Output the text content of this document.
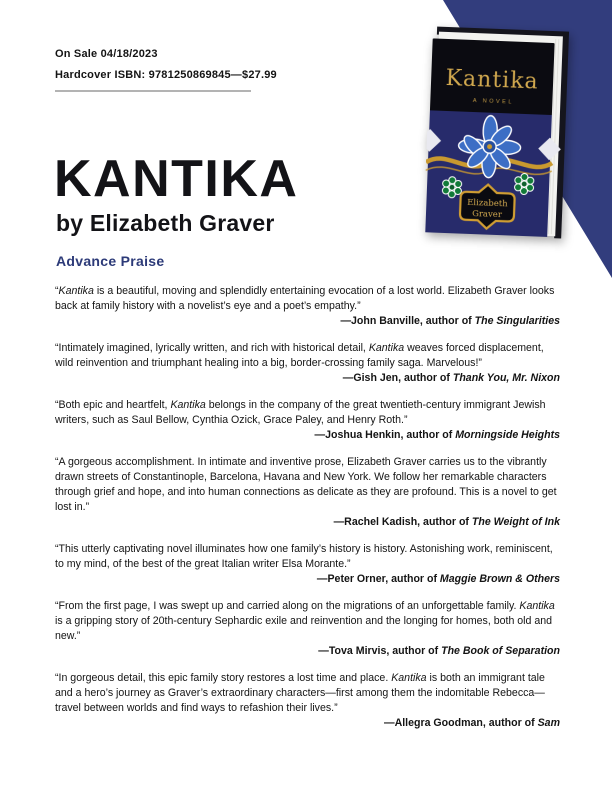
Kantika
A NOVEL
Elizabeth
Graver

On Sale 04/18/2023

Hardcover ISBN: 9781250869845—$27.99

KANTIKA
by Elizabeth Graver
Advance Praise

“Kantika is a beautiful, moving and splendidly entertaining evocation of a lost world. Elizabeth Graver looks back at family history with a novelist’s eye and a poet’s empathy.”

—John Banville, author of The Singularities

“Intimately imagined, lyrically written, and rich with historical detail, Kantika weaves forced displacement, wild reinvention and triumphant healing into a big, border-crossing family saga. Marvelous!”

—Gish Jen, author of Thank You, Mr. Nixon

“Both epic and heartfelt, Kantika belongs in the company of the great twentieth-century immigrant Jewish writers, such as Saul Bellow, Cynthia Ozick, Grace Paley, and Henry Roth.”

—Joshua Henkin, author of Morningside Heights

“A gorgeous accomplishment. In intimate and inventive prose, Elizabeth Graver carries us to the vibrantly drawn streets of Constantinople, Barcelona, Havana and New York. We follow her remarkable characters through grief and hope, and into human connections as delicate as they are profound. This is a novel to get lost in.”

—Rachel Kadish, author of The Weight of Ink

“This utterly captivating novel illuminates how one family’s history is history. Astonishing work, reminiscent, to my mind, of the best of the great Italian writer Elsa Morante.”

—Peter Orner, author of Maggie Brown & Others

“From the first page, I was swept up and carried along on the migrations of an unforgettable family. Kantika is a gripping story of 20th-century Sephardic exile and reinvention and the longing for homes, both old and new.”

—Tova Mirvis, author of The Book of Separation

“In gorgeous detail, this epic family story restores a lost time and place. Kantika is both an immigrant tale and a hero’s journey as Graver’s extraordinary characters—first among them the indomitable Rebecca—travel between worlds and find ways to refashion their lives.”

—Allegra Goodman, author of Sam
